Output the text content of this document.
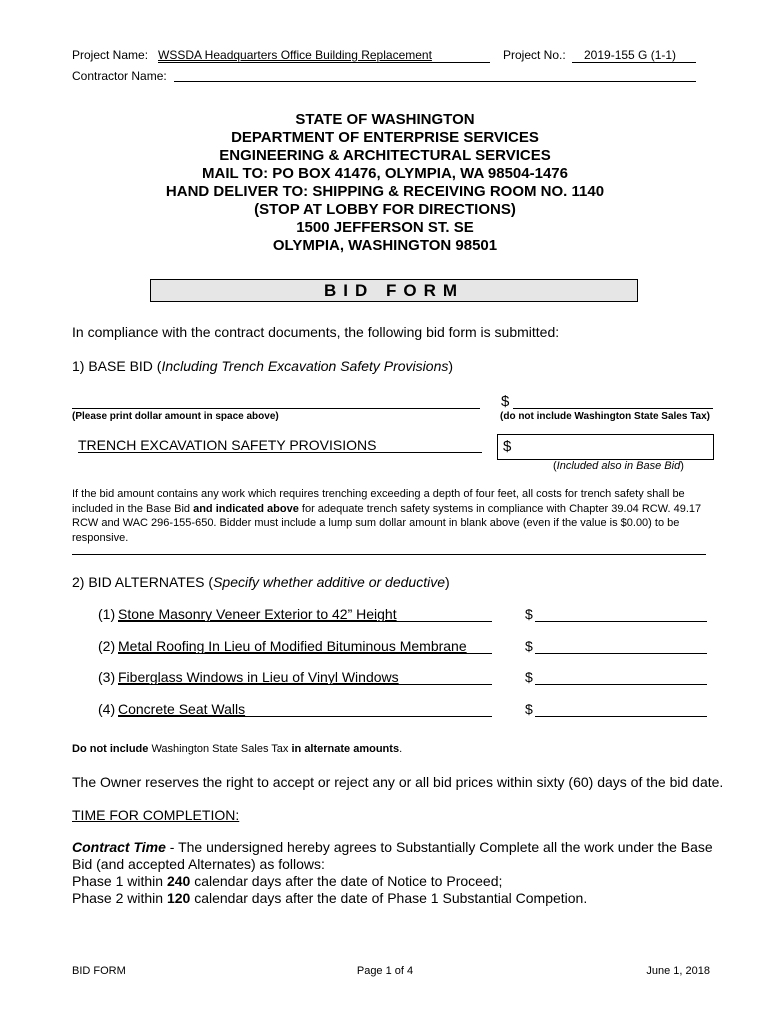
Project Name: WSSDA Headquarters Office Building Replacement	Project No.: 2019-155 G (1-1)
Contractor Name:
STATE OF WASHINGTON
DEPARTMENT OF ENTERPRISE SERVICES
ENGINEERING & ARCHITECTURAL SERVICES
MAIL TO: PO BOX 41476, OLYMPIA, WA 98504-1476
HAND DELIVER TO: SHIPPING & RECEIVING ROOM NO. 1140
(STOP AT LOBBY FOR DIRECTIONS)
1500 JEFFERSON ST. SE
OLYMPIA, WASHINGTON 98501
BID FORM
In compliance with the contract documents, the following bid form is submitted:
1) BASE BID (Including Trench Excavation Safety Provisions)
$
(Please print dollar amount in space above)	(do not include Washington State Sales Tax)
TRENCH EXCAVATION SAFETY PROVISIONS	$
(Included also in Base Bid)
If the bid amount contains any work which requires trenching exceeding a depth of four feet, all costs for trench safety shall be included in the Base Bid and indicated above for adequate trench safety systems in compliance with Chapter 39.04 RCW. 49.17 RCW and WAC 296-155-650. Bidder must include a lump sum dollar amount in blank above (even if the value is $0.00) to be responsive.
2) BID ALTERNATES (Specify whether additive or deductive)
(1) Stone Masonry Veneer Exterior to 42” Height	$
(2) Metal Roofing In Lieu of Modified Bituminous Membrane	$
(3) Fiberglass Windows in Lieu of Vinyl Windows	$
(4) Concrete Seat Walls	$
Do not include Washington State Sales Tax in alternate amounts.
The Owner reserves the right to accept or reject any or all bid prices within sixty (60) days of the bid date.
TIME FOR COMPLETION:
Contract Time - The undersigned hereby agrees to Substantially Complete all the work under the Base Bid (and accepted Alternates) as follows:
Phase 1 within 240 calendar days after the date of Notice to Proceed;
Phase 2 within 120 calendar days after the date of Phase 1 Substantial Competion.
BID FORM	Page 1 of 4	June 1, 2018
